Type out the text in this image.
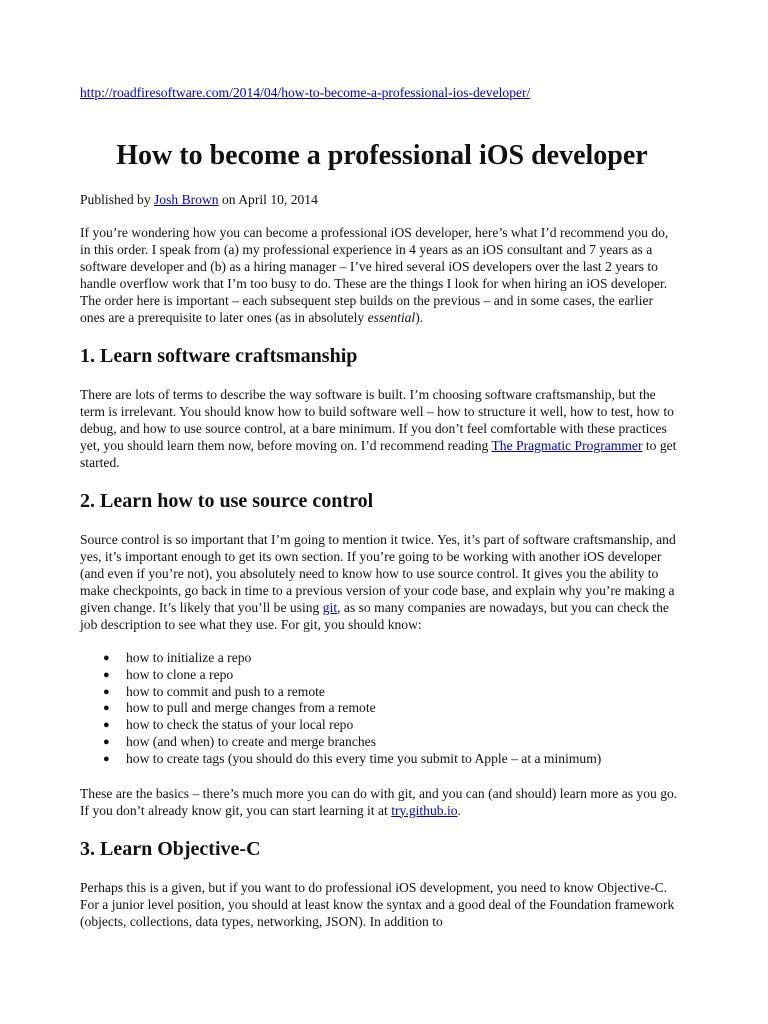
http://roadfiresoftware.com/2014/04/how-to-become-a-professional-ios-developer/
How to become a professional iOS developer

Published by Josh Brown on April 10, 2014

If you’re wondering how you can become a professional iOS developer, here’s what I’d recommend you do, in this order. I speak from (a) my professional experience in 4 years as an iOS consultant and 7 years as a software developer and (b) as a hiring manager – I’ve hired several iOS developers over the last 2 years to handle overflow work that I’m too busy to do. These are the things I look for when hiring an iOS developer. The order here is important – each subsequent step builds on the previous – and in some cases, the earlier ones are a prerequisite to later ones (as in absolutely essential).

1. Learn software craftsmanship

There are lots of terms to describe the way software is built. I’m choosing software craftsmanship, but the term is irrelevant. You should know how to build software well – how to structure it well, how to test, how to debug, and how to use source control, at a bare minimum. If you don’t feel comfortable with these practices yet, you should learn them now, before moving on. I’d recommend reading The Pragmatic Programmer to get started.

2. Learn how to use source control

Source control is so important that I’m going to mention it twice. Yes, it’s part of software craftsmanship, and yes, it’s important enough to get its own section. If you’re going to be working with another iOS developer (and even if you’re not), you absolutely need to know how to use source control. It gives you the ability to make checkpoints, go back in time to a previous version of your code base, and explain why you’re making a given change. It’s likely that you’ll be using git, as so many companies are nowadays, but you can check the job description to see what they use. For git, you should know:

● how to initialize a repo
● how to clone a repo
● how to commit and push to a remote
● how to pull and merge changes from a remote
● how to check the status of your local repo
● how (and when) to create and merge branches
● how to create tags (you should do this every time you submit to Apple – at a minimum)

These are the basics – there’s much more you can do with git, and you can (and should) learn more as you go. If you don’t already know git, you can start learning it at try.github.io.

3. Learn Objective-C

Perhaps this is a given, but if you want to do professional iOS development, you need to know Objective-C. For a junior level position, you should at least know the syntax and a good deal of the Foundation framework (objects, collections, data types, networking, JSON). In addition to
